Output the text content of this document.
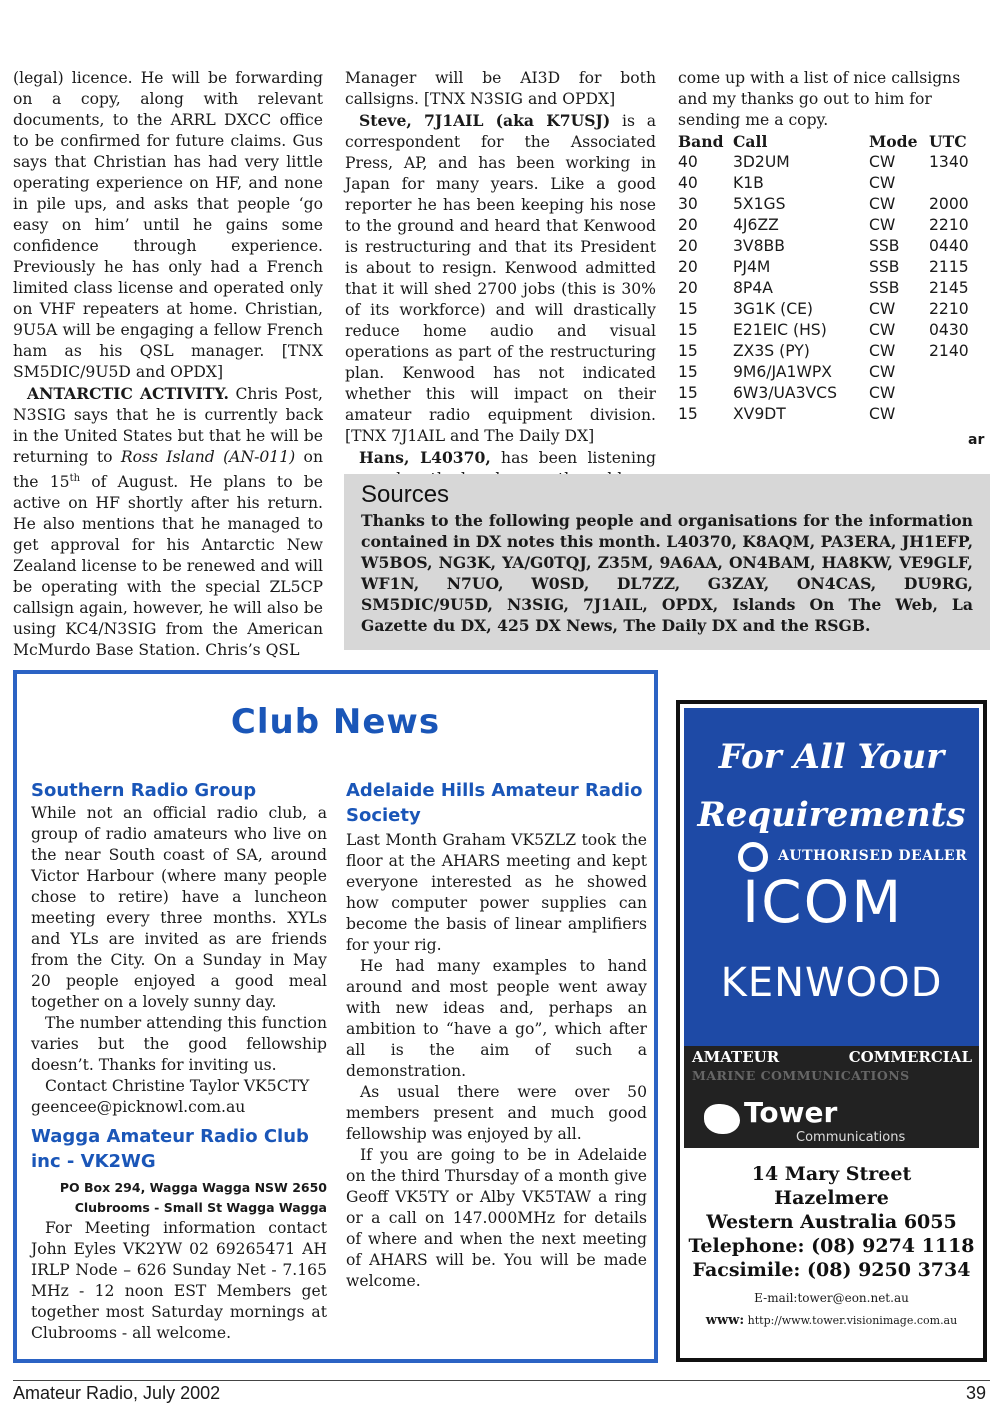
(legal) licence. He will be forwarding on a copy, along with relevant documents, to the ARRL DXCC office to be confirmed for future claims. Gus says that Christian has had very little operating experience on HF, and none in pile ups, and asks that people ‘go easy on him’ until he gains some confidence through experience. Previously he has only had a French limited class license and operated only on VHF repeaters at home. Christian, 9U5A will be engaging a fellow French ham as his QSL manager. [TNX SM5DIC/9U5D and OPDX]

ANTARCTIC ACTIVITY. Chris Post, N3SIG says that he is currently back in the United States but that he will be returning to Ross Island (AN-011) on the 15th of August. He plans to be active on HF shortly after his return. He also mentions that he managed to get approval for his Antarctic New Zealand license to be renewed and will be operating with the special ZL5CP callsign again, however, he will also be using KC4/N3SIG from the American McMurdo Base Station. Chris’s QSL

Manager will be AI3D for both callsigns. [TNX N3SIG and OPDX]

Steve, 7J1AIL (aka K7USJ) is a correspondent for the Associated Press, AP, and has been working in Japan for many years. Like a good reporter he has been keeping his nose to the ground and heard that Kenwood is restructuring and that its President is about to resign. Kenwood admitted that it will shed 2700 jobs (this is 30% of its workforce) and will drastically reduce home audio and visual operations as part of the restructuring plan. Kenwood has not indicated whether this will impact on their amateur radio equipment division. [TNX 7J1AIL and The Daily DX]

Hans, L40370, has been listening

come up with a list of nice callsigns and my thanks go out to him for sending me a copy.

Band	Call	Mode	UTC
40	3D2UM	CW	1340
40	K1B	CW	
30	5X1GS	CW	2000
20	4J6ZZ	CW	2210
20	3V8BB	SSB	0440
20	PJ4M	SSB	2115
20	8P4A	SSB	2145
15	3G1K (CE)	CW	2210
15	E21EIC (HS)	CW	0430
15	ZX3S (PY)	CW	2140
15	9M6/JA1WPX	CW	
15	6W3/UA3VCS	CW	
15	XV9DT	CW	
ar
Sources

Thanks to the following people and organisations for the information contained in DX notes this month. L40370, K8AQM, PA3ERA, JH1EFP, W5BOS, NG3K, YA/G0TQJ, Z35M, 9A6AA, ON4BAM, HA8KW, VE9GLF, WF1N, N7UO, W0SD, DL7ZZ, G3ZAY, ON4CAS, DU9RG, SM5DIC/9U5D, N3SIG, 7J1AIL, OPDX, Islands On The Web, La Gazette du DX, 425 DX News, The Daily DX and the RSGB.

Club News
Southern Radio Group

While not an official radio club, a group of radio amateurs who live on the near South coast of SA, around Victor Harbour (where many people chose to retire) have a luncheon meeting every three months. XYLs and YLs are invited as are friends from the City. On a Sunday in May 20 people enjoyed a good meal together on a lovely sunny day.

The number attending this function varies but the good fellowship doesn’t. Thanks for inviting us.

Contact Christine Taylor VK5CTY

geencee@picknowl.com.au

Wagga Amateur Radio Club inc - VK2WG

PO Box 294, Wagga Wagga NSW 2650

Clubrooms - Small St Wagga Wagga

For Meeting information contact John Eyles VK2YW 02 69265471 AH IRLP Node – 626 Sunday Net - 7.165 MHz - 12 noon EST Members get together most Saturday mornings at Clubrooms - all welcome.

Adelaide Hills Amateur Radio Society

Last Month Graham VK5ZLZ took the floor at the AHARS meeting and kept everyone interested as he showed how computer power supplies can become the basis of linear amplifiers for your rig.

He had many examples to hand around and most people went away with new ideas and, perhaps an ambition to “have a go”, which after all is the aim of such a demonstration.

As usual there were over 50 members present and much good fellowship was enjoyed by all.

If you are going to be in Adelaide on the third Thursday of a month give Geoff VK5TY or Alby VK5TAW a ring or a call on 147.000MHz for details of where and when the next meeting of AHARS will be. You will be made welcome.

For All Your
Requirements
AUTHORISED DEALER
ICOM
KENWOOD
AMATEUR	COMMERCIAL
MARINE COMMUNICATIONS
Tower
Communications
14 Mary Street
Hazelmere
Western Australia 6055
Telephone: (08) 9274 1118
Facsimile: (08) 9250 3734
E-mail:tower@eon.net.au
www: http://www.tower.visionimage.com.au
Amateur Radio, July 2002	39
